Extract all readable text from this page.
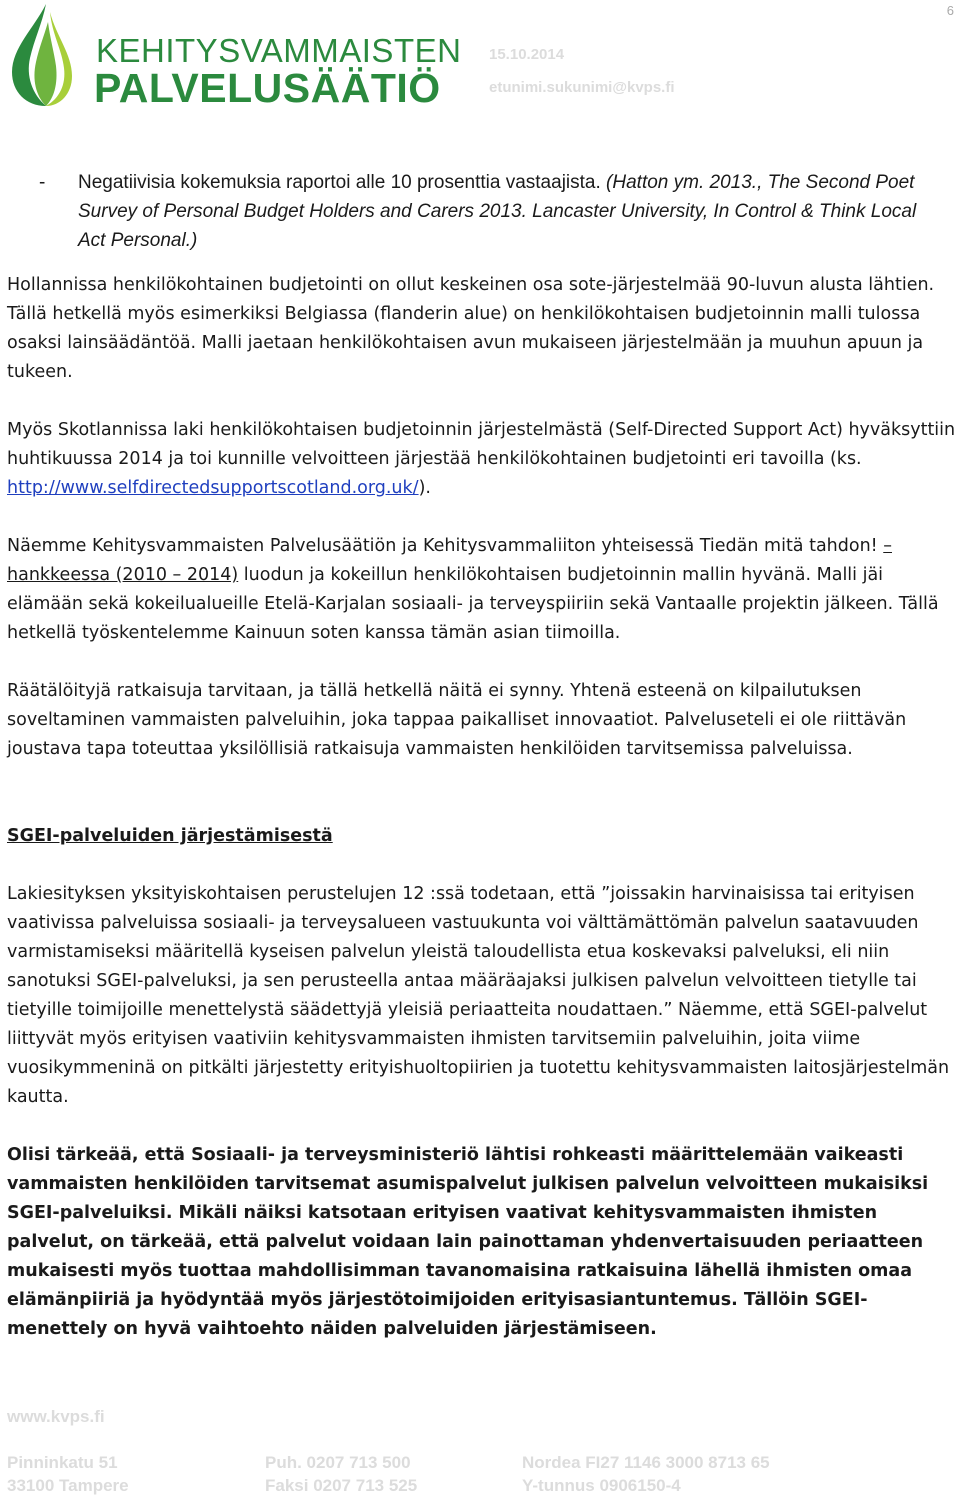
6
KEHITYSVAMMAISTEN
PALVELUSÄÄTIÖ
15.10.2014
etunimi.sukunimi@kvps.fi
-	Negatiivisia kokemuksia raportoi alle 10 prosenttia vastaajista. (Hatton ym. 2013., The Second Poet Survey of Personal Budget Holders and Carers 2013. Lancaster University, In Control & Think Local Act Personal.)

Hollannissa henkilökohtainen budjetointi on ollut keskeinen osa sote-järjestelmää 90-luvun alusta lähtien. Tällä hetkellä myös esimerkiksi Belgiassa (flanderin alue) on henkilökohtaisen budjetoinnin malli tulossa osaksi lainsäädäntöä. Malli jaetaan henkilökohtaisen avun mukaiseen järjestelmään ja muuhun apuun ja tukeen.

Myös Skotlannissa laki henkilökohtaisen budjetoinnin järjestelmästä (Self-Directed Support Act) hyväksyttiin huhtikuussa 2014 ja toi kunnille velvoitteen järjestää henkilökohtainen budjetointi eri tavoilla (ks. http://www.selfdirectedsupportscotland.org.uk/).

Näemme Kehitysvammaisten Palvelusäätiön ja Kehitysvammaliiton yhteisessä Tiedän mitä tahdon! –hankkeessa (2010 – 2014) luodun ja kokeillun henkilökohtaisen budjetoinnin mallin hyvänä. Malli jäi elämään sekä kokeilualueille Etelä-Karjalan sosiaali- ja terveyspiiriin sekä Vantaalle projektin jälkeen. Tällä hetkellä työskentelemme Kainuun soten kanssa tämän asian tiimoilla.

Räätälöityjä ratkaisuja tarvitaan, ja tällä hetkellä näitä ei synny. Yhtenä esteenä on kilpailutuksen soveltaminen vammaisten palveluihin, joka tappaa paikalliset innovaatiot. Palveluseteli ei ole riittävän joustava tapa toteuttaa yksilöllisiä ratkaisuja vammaisten henkilöiden tarvitsemissa palveluissa.

SGEI-palveluiden järjestämisestä

Lakiesityksen yksityiskohtaisen perustelujen 12 :ssä todetaan, että ”joissakin harvinaisissa tai erityisen vaativissa palveluissa sosiaali- ja terveysalueen vastuukunta voi välttämättömän palvelun saatavuuden varmistamiseksi määritellä kyseisen palvelun yleistä taloudellista etua koskevaksi palveluksi, eli niin sanotuksi SGEI-palveluksi, ja sen perusteella antaa määräajaksi julkisen palvelun velvoitteen tietylle tai tietyille toimijoille menettelystä säädettyjä yleisiä periaatteita noudattaen.” Näemme, että SGEI-palvelut liittyvät myös erityisen vaativiin kehitysvammaisten ihmisten tarvitsemiin palveluihin, joita viime vuosikymmeninä on pitkälti järjestetty erityishuoltopiirien ja tuotettu kehitysvammaisten laitosjärjestelmän kautta.

Olisi tärkeää, että Sosiaali- ja terveysministeriö lähtisi rohkeasti määrittelemään vaikeasti vammaisten henkilöiden tarvitsemat asumispalvelut julkisen palvelun velvoitteen mukaisiksi SGEI-palveluiksi. Mikäli näiksi katsotaan erityisen vaativat kehitysvammaisten ihmisten palvelut, on tärkeää, että palvelut voidaan lain painottaman yhdenvertaisuuden periaatteen mukaisesti myös tuottaa mahdollisimman tavanomaisina ratkaisuina lähellä ihmisten omaa elämänpiiriä ja hyödyntää myös järjestötoimijoiden erityisasiantuntemus. Tällöin SGEI-menettely on hyvä vaihtoehto näiden palveluiden järjestämiseen.

www.kvps.fi
Pinninkatu 51	Puh. 0207 713 500	Nordea FI27 1146 3000 8713 65
33100 Tampere	Faksi 0207 713 525	Y-tunnus 0906150-4
